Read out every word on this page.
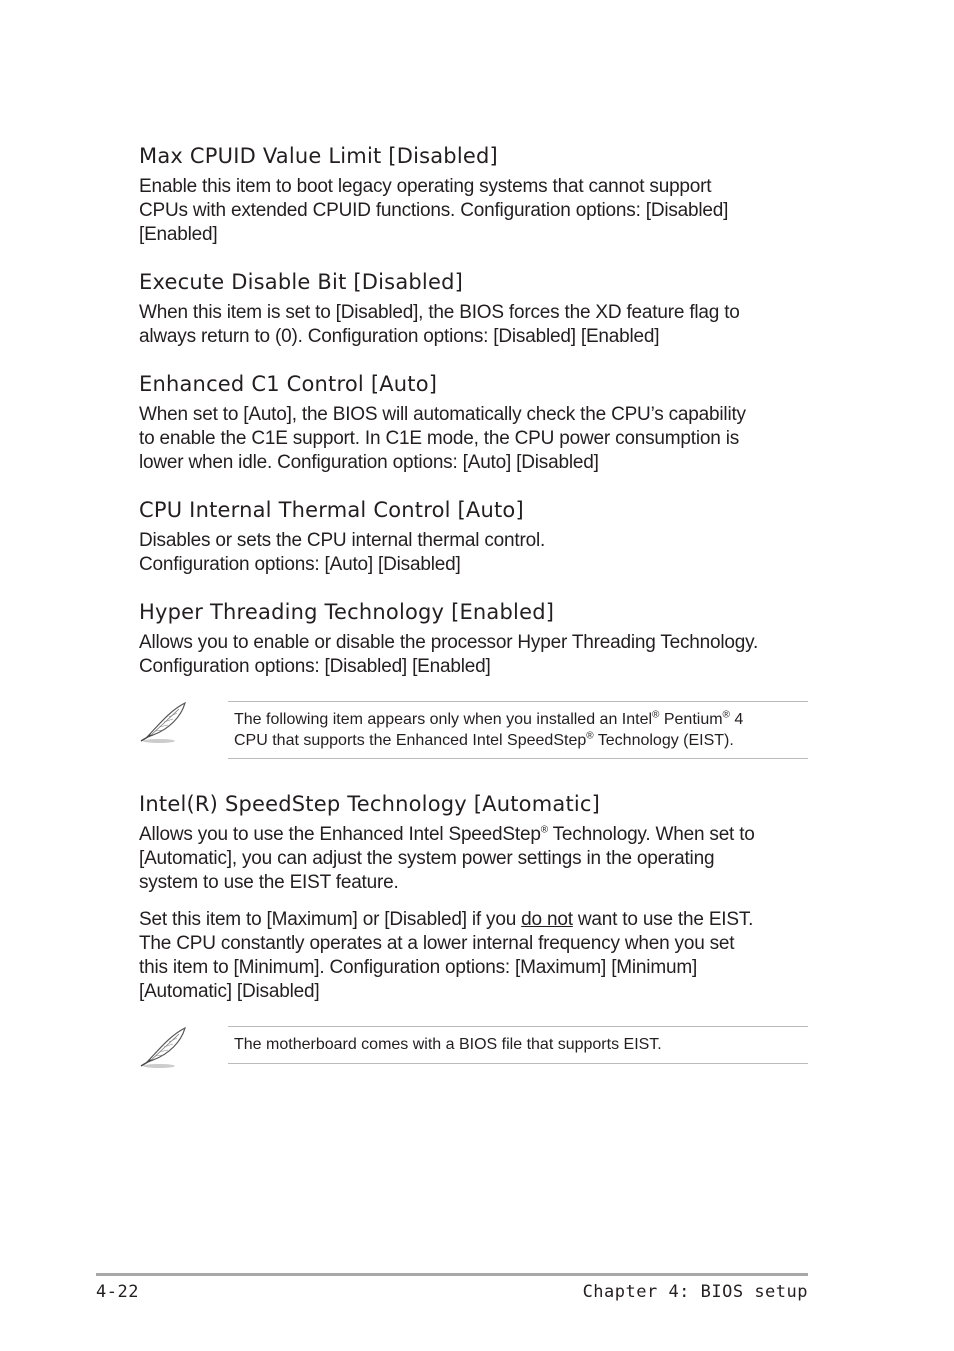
Max CPUID Value Limit [Disabled]

Enable this item to boot legacy operating systems that cannot support
CPUs with extended CPUID functions. Configuration options: [Disabled]
[Enabled]

Execute Disable Bit [Disabled]

When this item is set to [Disabled], the BIOS forces the XD feature flag to
always return to (0). Configuration options: [Disabled] [Enabled]

Enhanced C1 Control [Auto]

When set to [Auto], the BIOS will automatically check the CPU’s capability
to enable the C1E support. In C1E mode, the CPU power consumption is
lower when idle. Configuration options: [Auto] [Disabled]

CPU Internal Thermal Control [Auto]

Disables or sets the CPU internal thermal control.
Configuration options: [Auto] [Disabled]

Hyper Threading Technology [Enabled]

Allows you to enable or disable the processor Hyper Threading Technology.
Configuration options: [Disabled] [Enabled]

The following item appears only when you installed an Intel® Pentium® 4
CPU that supports the Enhanced Intel SpeedStep® Technology (EIST).
Intel(R) SpeedStep Technology [Automatic]

Allows you to use the Enhanced Intel SpeedStep® Technology. When set to
[Automatic], you can adjust the system power settings in the operating
system to use the EIST feature.

Set this item to [Maximum] or [Disabled] if you do not want to use the EIST.
The CPU constantly operates at a lower internal frequency when you set
this item to [Minimum]. Configuration options: [Maximum] [Minimum]
[Automatic] [Disabled]

The motherboard comes with a BIOS file that supports EIST.
4-22	Chapter 4: BIOS setup
